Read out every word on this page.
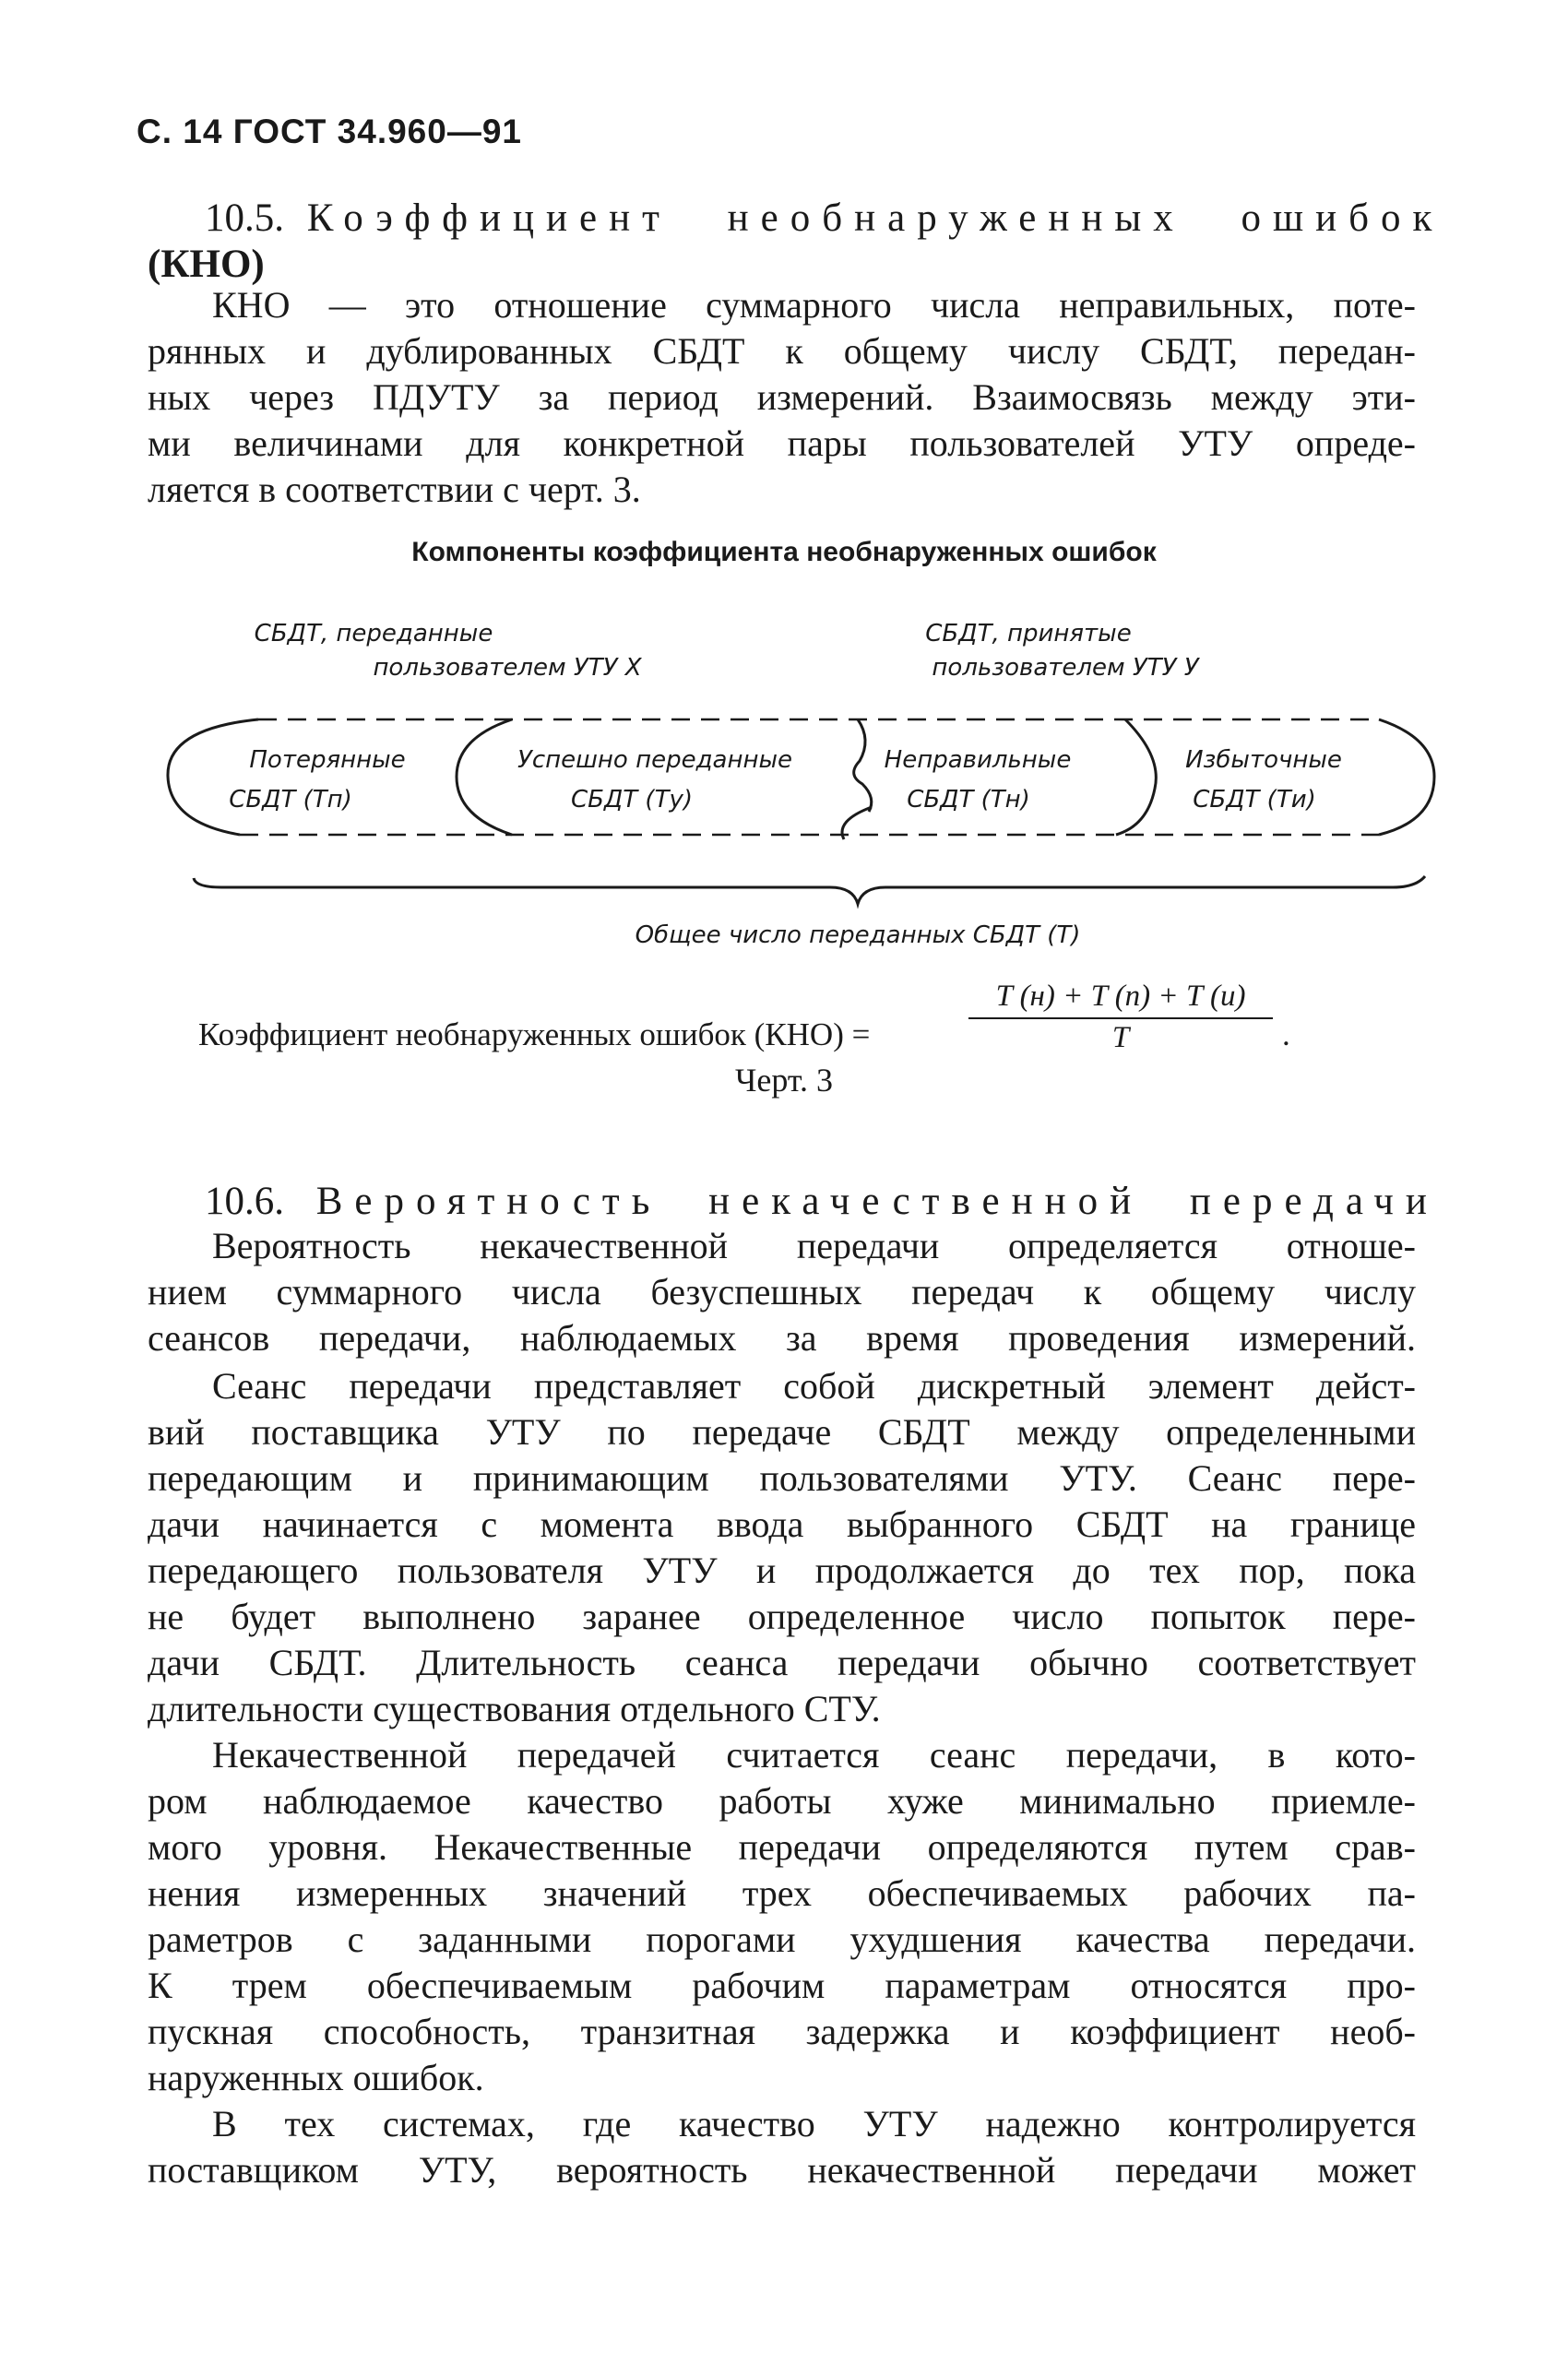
С. 14 ГОСТ 34.960—91
10.5. Коэффициент необнаруженных ошибок
(КНО)
КНО — это отношение суммарного числа неправильных, поте-
рянных и дублированных СБДТ к общему числу СБДТ, передан-
ных через ПДУТУ за период измерений. Взаимосвязь между эти-
ми величинами для конкретной пары пользователей УТУ опреде-
ляется в соответствии с черт. 3.
Компоненты коэффициента необнаруженных ошибок
СБДТ, переданные
пользователем УТУ Х
СБДТ, принятые
пользователем УТУ У
Потерянные
СБДТ (Тп)
Успешно переданные
СБДТ (Ту)
Неправильные
СБДТ (Тн)
Избыточные
СБДТ (Ти)
Общее число переданных СБДТ (Т)
Коэффициент необнаруженных ошибок (КНО) =
T (н) + T (п) + T (и)
T	.
Черт. 3
10.6. Вероятность некачественной передачи
Вероятность некачественной передачи определяется отноше-
нием суммарного числа безуспешных передач к общему числу
сеансов передачи, наблюдаемых за время проведения измерений.
Сеанс передачи представляет собой дискретный элемент дейст-
вий поставщика УТУ по передаче СБДТ между определенными
передающим и принимающим пользователями УТУ. Сеанс пере-
дачи начинается с момента ввода выбранного СБДТ на границе
передающего пользователя УТУ и продолжается до тех пор, пока
не будет выполнено заранее определенное число попыток пере-
дачи СБДТ. Длительность сеанса передачи обычно соответствует
длительности существования отдельного СТУ.
Некачественной передачей считается сеанс передачи, в кото-
ром наблюдаемое качество работы хуже минимально приемле-
мого уровня. Некачественные передачи определяются путем срав-
нения измеренных значений трех обеспечиваемых рабочих па-
раметров с заданными порогами ухудшения качества передачи.
К трем обеспечиваемым рабочим параметрам относятся про-
пускная способность, транзитная задержка и коэффициент необ-
наруженных ошибок.
В тех системах, где качество УТУ надежно контролируется
поставщиком УТУ, вероятность некачественной передачи может
